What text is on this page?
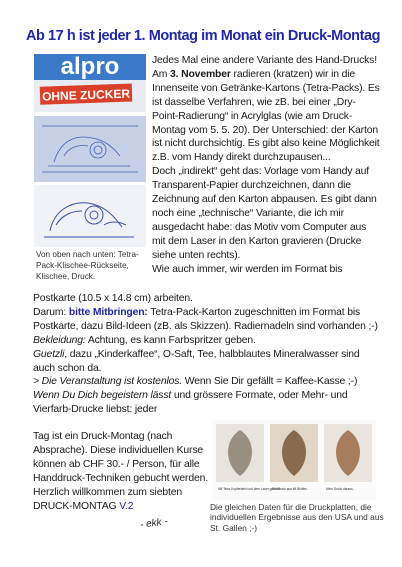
Ab 17 h ist jeder 1. Montag im Monat ein Druck-Montag
alpro
OHNE ZUCKER
Von oben nach unten: Tetra-Pack-Klischee-Rückseite, Klischee, Druck.
Jedes Mal eine andere Variante des Hand-Drucks! Am 3. November radieren (kratzen) wir in die Innenseite von Getränke-Kartons (Tetra-Packs). Es ist dasselbe Verfahren, wie zB. bei einer „Dry-Point-Radierung“ in Acrylglas (wie am Druck-Montag vom 5. 5. 20). Der Unterschied: der Karton ist nicht durchsichtig. Es gibt also keine Möglichkeit z.B. vom Handy direkt durchzupausen...
Doch „indirekt“ geht das: Vorlage vom Handy auf Transparent-Papier durchzeichnen, dann die Zeichnung auf den Karton abpausen. Es gibt dann noch eine „technische“ Variante, die ich mir ausgedacht habe: das Motiv vom Computer aus mit dem Laser in den Karton gravieren (Drucke siehe unten rechts).
Wie auch immer, wir werden im Format bis
Postkarte (10.5 x 14.8 cm) arbeiten.
Darum: bitte Mitbringen: Tetra-Pack-Karton zugeschnitten im Format bis Postkarte, dazu Bild-Ideen (zB. als Skizzen). Radiernadeln sind vorhanden ;-)
Bekleidung: Achtung, es kann Farbspritzer geben.
Guetzli, dazu „Kinderkaffee“, O-Saft, Tee, halbblautes Mineralwasser sind auch schon da.
> Die Veranstaltung ist kostenlos. Wenn Sie Dir gefällt = Kaffee-Kasse ;-)
Wenn Du Dich begeistern lässt und grössere Formate, oder Mehr- und Vierfarb-Drucke liebst: jeder
Tag ist ein Druck-Montag (nach Absprache). Diese individuellen Kurse können ab CHF 30.- / Person, für alle Handdruck-Techniken gebucht werden. Herzlich willkommen zum siebten
DRUCK-MONTAG V.2
- ekk -
Mit Tetra-Kupfertafel und dem Laser graviert.
Ein Druck aus Mt Bluffes.	Mein Druck daraus.
Die gleichen Daten für die Druckplatten, die individuellen Ergebnisse aus den USA und aus St. Gallen ;-)
